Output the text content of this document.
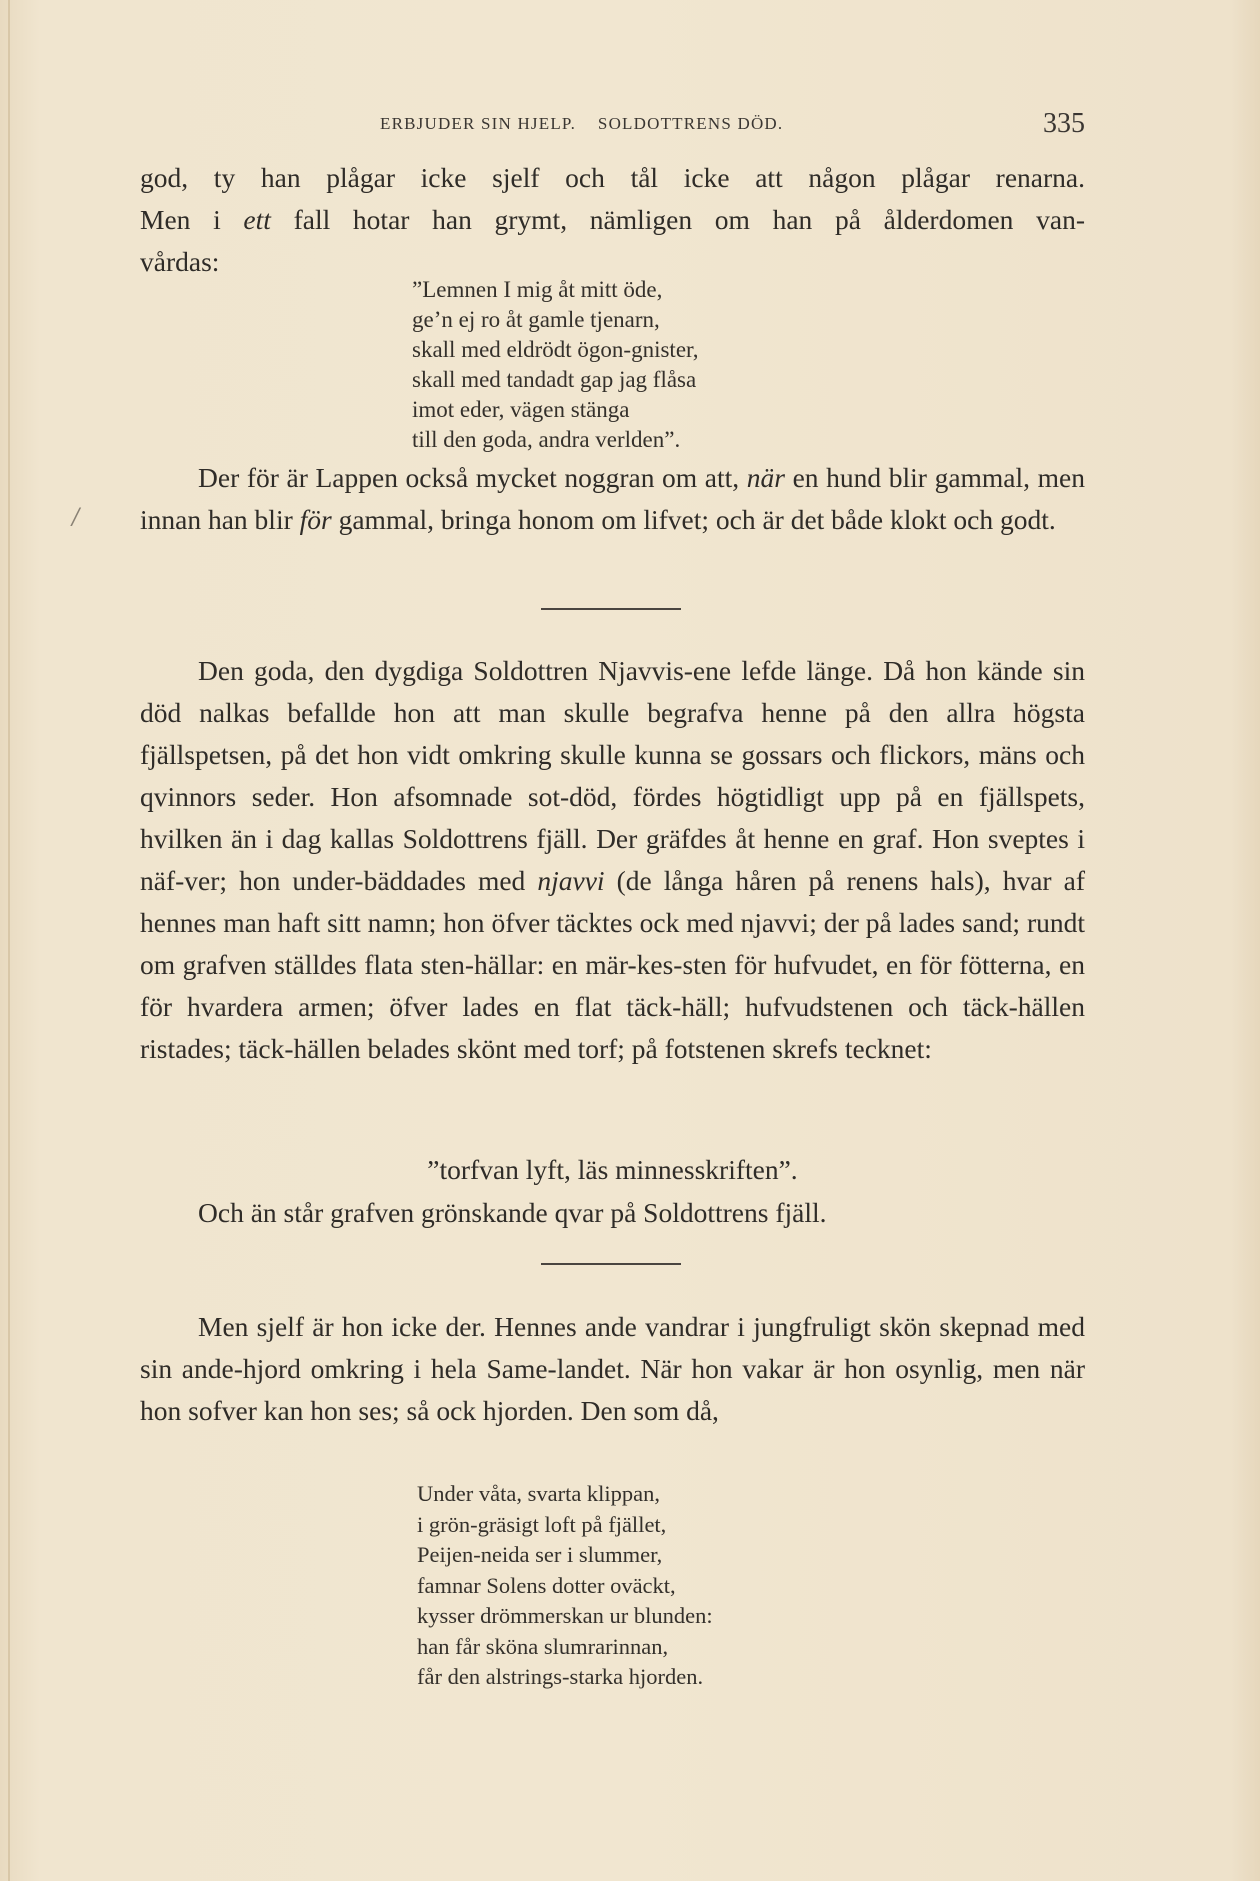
/
ERBJUDER SIN HJELP.    SOLDOTTRENS DÖD.	335

god, ty han plågar icke sjelf och tål icke att någon plågar renarna.

Men i ett fall hotar han grymt, nämligen om han på ålderdomen van-

vårdas:

”Lemnen I mig åt mitt öde,
ge’n ej ro åt gamle tjenarn,
skall med eldrödt ögon-gnister,
skall med tandadt gap jag flåsa
imot eder, vägen stänga
till den goda, andra verlden”.

Der för är Lappen också mycket noggran om att, när en hund blir gammal, men innan han blir för gammal, bringa honom om lifvet; och är det både klokt och godt.

Den goda, den dygdiga Soldottren Njavvis-ene lefde länge. Då hon kände sin död nalkas befallde hon att man skulle begrafva henne på den allra högsta fjällspetsen, på det hon vidt omkring skulle kunna se gossars och flickors, mäns och qvinnors seder. Hon afsomnade sot-död, fördes högtidligt upp på en fjällspets, hvilken än i dag kallas Soldottrens fjäll. Der gräfdes åt henne en graf. Hon sveptes i näf-ver; hon under-bäddades med njavvi (de långa håren på renens hals), hvar af hennes man haft sitt namn; hon öfver täcktes ock med njavvi; der på lades sand; rundt om grafven ställdes flata sten-hällar: en mär-kes-sten för hufvudet, en för fötterna, en för hvardera armen; öfver lades en flat täck-häll; hufvudstenen och täck-hällen ristades; täck-hällen belades skönt med torf; på fotstenen skrefs tecknet:

”torfvan lyft, läs minnesskriften”.

Och än står grafven grönskande qvar på Soldottrens fjäll.

Men sjelf är hon icke der. Hennes ande vandrar i jungfruligt skön skepnad med sin ande-hjord omkring i hela Same-landet. När hon vakar är hon osynlig, men när hon sofver kan hon ses; så ock hjorden. Den som då,

Under våta, svarta klippan,
i grön-gräsigt loft på fjället,
Peijen-neida ser i slummer,
famnar Solens dotter oväckt,
kysser drömmerskan ur blunden:
han får sköna slumrarinnan,
får den alstrings-starka hjorden.
